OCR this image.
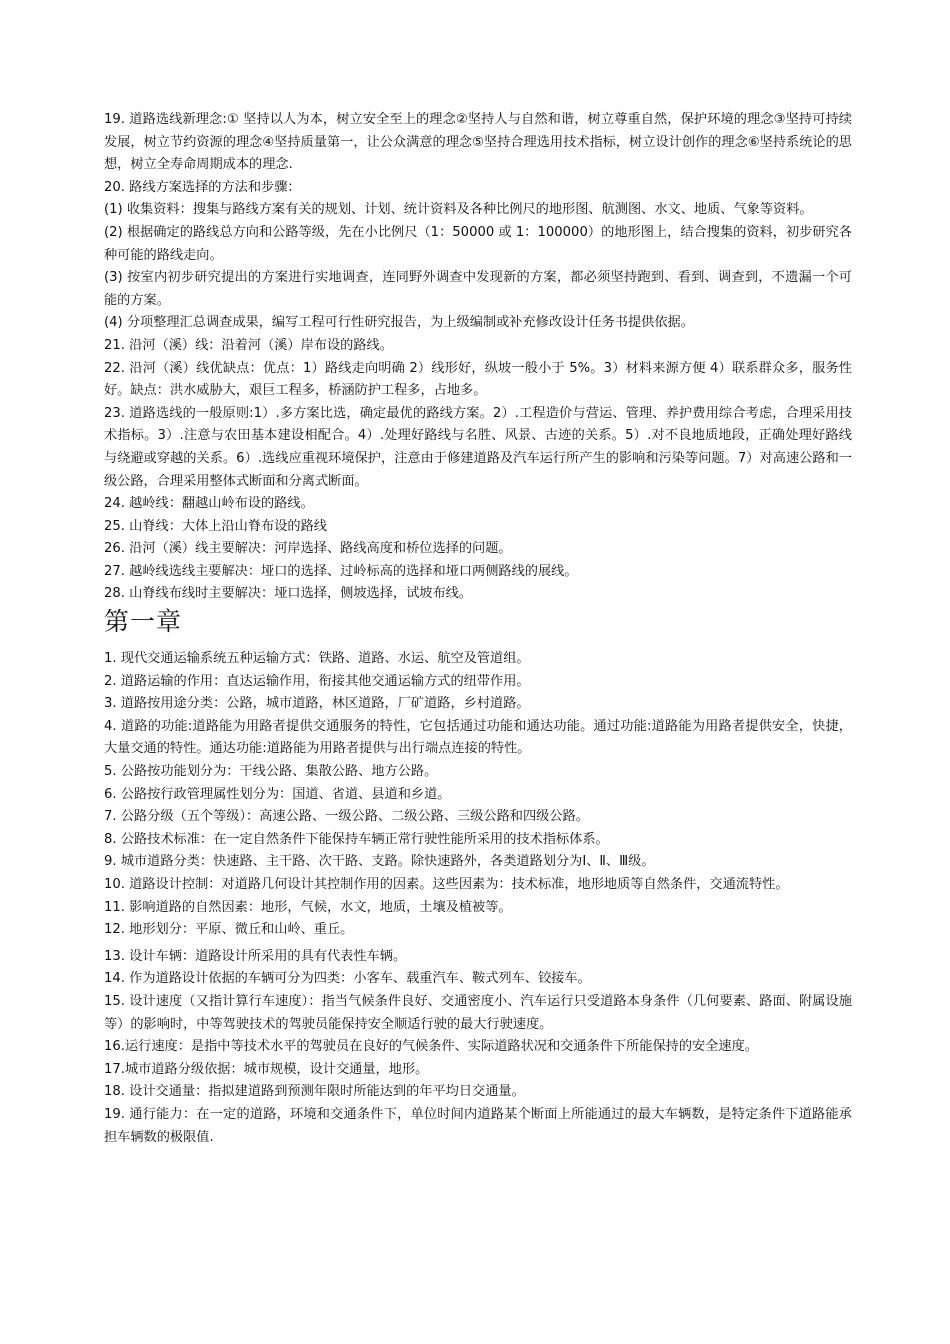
19. 道路选线新理念:① 坚持以人为本，树立安全至上的理念②坚持人与自然和谐，树立尊重自然，保护环境的理念③坚持可持续发展，树立节约资源的理念④坚持质量第一，让公众满意的理念⑤坚持合理选用技术指标，树立设计创作的理念⑥坚持系统论的思想，树立全寿命周期成本的理念.

20. 路线方案选择的方法和步骤：

(1) 收集资料：搜集与路线方案有关的规划、计划、统计资料及各种比例尺的地形图、航测图、水文、地质、气象等资料。

(2) 根据确定的路线总方向和公路等级，先在小比例尺（1：50000 或 1：100000）的地形图上，结合搜集的资料，初步研究各种可能的路线走向。

(3) 按室内初步研究提出的方案进行实地调查，连同野外调查中发现新的方案，都必须坚持跑到、看到、调查到，不遗漏一个可能的方案。

(4) 分项整理汇总调查成果，编写工程可行性研究报告，为上级编制或补充修改设计任务书提供依据。

21. 沿河（溪）线：沿着河（溪）岸布设的路线。

22. 沿河（溪）线优缺点：优点：1）路线走向明确 2）线形好，纵坡一般小于 5%。3）材料来源方便 4）联系群众多，服务性好。缺点：洪水威胁大，艰巨工程多，桥涵防护工程多，占地多。

23. 道路选线的一般原则:1）.多方案比选，确定最优的路线方案。2）.工程造价与营运、管理、养护费用综合考虑，合理采用技术指标。3）.注意与农田基本建设相配合。4）.处理好路线与名胜、风景、古迹的关系。5）.对不良地质地段，正确处理好路线与绕避或穿越的关系。6）.选线应重视环境保护，注意由于修建道路及汽车运行所产生的影响和污染等问题。7）对高速公路和一级公路，合理采用整体式断面和分离式断面。

24. 越岭线：翻越山岭布设的路线。

25. 山脊线：大体上沿山脊布设的路线

26. 沿河（溪）线主要解决：河岸选择、路线高度和桥位选择的问题。

27. 越岭线选线主要解决：垭口的选择、过岭标高的选择和垭口两侧路线的展线。

28. 山脊线布线时主要解决：垭口选择，侧坡选择，试坡布线。

第一章

1. 现代交通运输系统五种运输方式：铁路、道路、水运、航空及管道组。

2. 道路运输的作用：直达运输作用，衔接其他交通运输方式的纽带作用。

3. 道路按用途分类：公路，城市道路，林区道路，厂矿道路，乡村道路。

4. 道路的功能:道路能为用路者提供交通服务的特性，它包括通过功能和通达功能。通过功能:道路能为用路者提供安全，快捷，大量交通的特性。通达功能:道路能为用路者提供与出行端点连接的特性。

5. 公路按功能划分为：干线公路、集散公路、地方公路。

6. 公路按行政管理属性划分为：国道、省道、县道和乡道。

7. 公路分级（五个等级）：高速公路、一级公路、二级公路、三级公路和四级公路。

8. 公路技术标准：在一定自然条件下能保持车辆正常行驶性能所采用的技术指标体系。

9. 城市道路分类：快速路、主干路、次干路、支路。除快速路外，各类道路划分为Ⅰ、Ⅱ、Ⅲ级。

10. 道路设计控制：对道路几何设计其控制作用的因素。这些因素为：技术标准，地形地质等自然条件，交通流特性。

11. 影响道路的自然因素：地形，气候，水文，地质，土壤及植被等。

12. 地形划分：平原、微丘和山岭、重丘。

13. 设计车辆：道路设计所采用的具有代表性车辆。

14. 作为道路设计依据的车辆可分为四类：小客车、载重汽车、鞍式列车、铰接车。

15. 设计速度（又指计算行车速度）：指当气候条件良好、交通密度小、汽车运行只受道路本身条件（几何要素、路面、附属设施等）的影响时，中等驾驶技术的驾驶员能保持安全顺适行驶的最大行驶速度。

16.运行速度：是指中等技术水平的驾驶员在良好的气候条件、实际道路状况和交通条件下所能保持的安全速度。

17.城市道路分级依据：城市规模，设计交通量，地形。

18. 设计交通量：指拟建道路到预测年限时所能达到的年平均日交通量。

19. 通行能力：在一定的道路，环境和交通条件下，单位时间内道路某个断面上所能通过的最大车辆数，是特定条件下道路能承担车辆数的极限值.
